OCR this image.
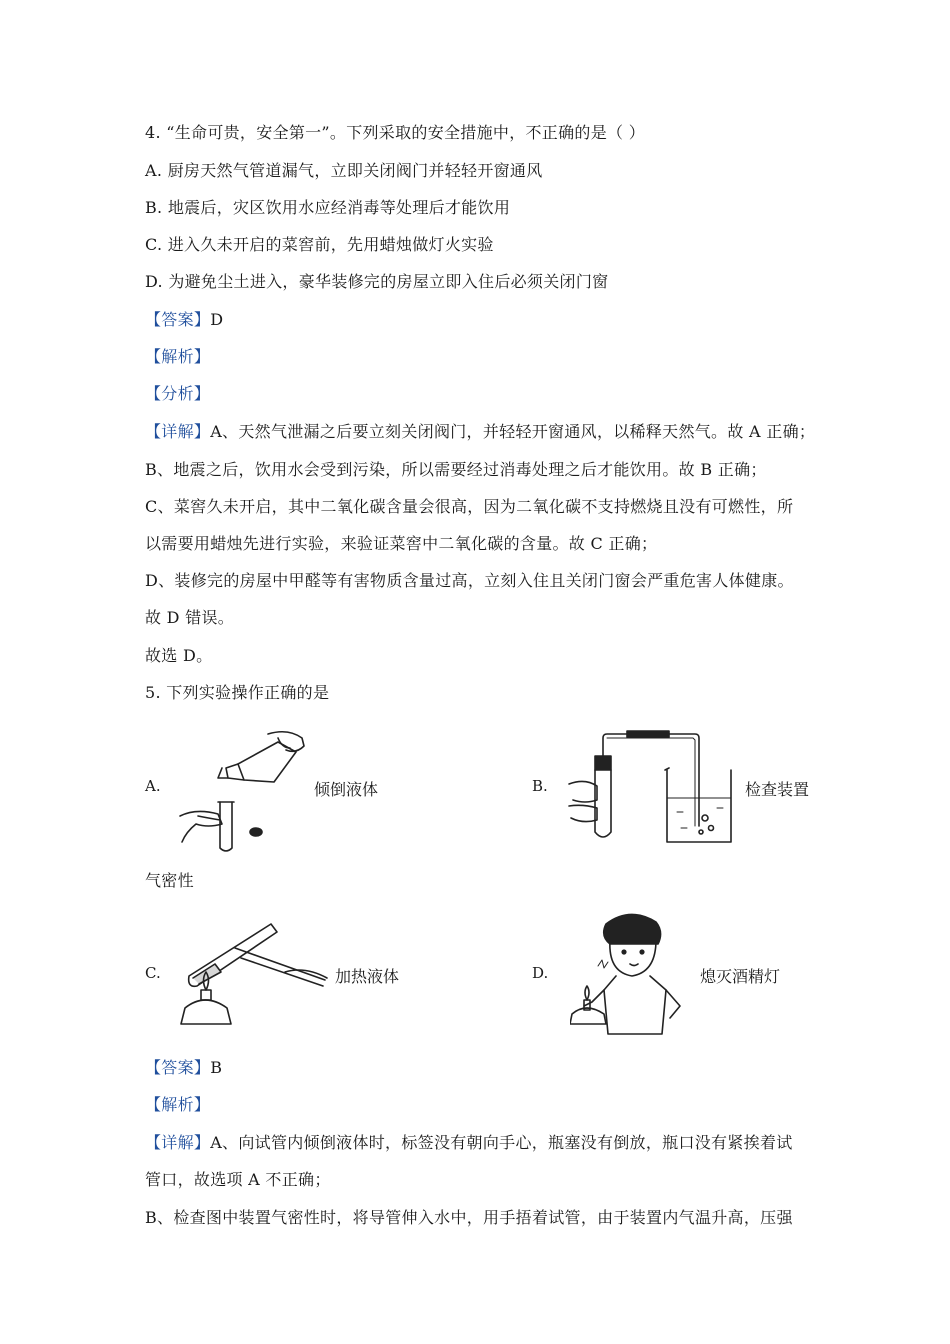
4. “生命可贵，安全第一”。下列采取的安全措施中，不正确的是（ ）
A. 厨房天然气管道漏气，立即关闭阀门并轻轻开窗通风
B. 地震后，灾区饮用水应经消毒等处理后才能饮用
C. 进入久未开启的菜窖前，先用蜡烛做灯火实验
D. 为避免尘土进入，豪华装修完的房屋立即入住后必须关闭门窗
【答案】D
【解析】
【分析】
【详解】A、天然气泄漏之后要立刻关闭阀门，并轻轻开窗通风，以稀释天然气。故 A 正确；
B、地震之后，饮用水会受到污染，所以需要经过消毒处理之后才能饮用。故 B 正确；
C、菜窖久未开启，其中二氧化碳含量会很高，因为二氧化碳不支持燃烧且没有可燃性，所
以需要用蜡烛先进行实验，来验证菜窖中二氧化碳的含量。故 C 正确；
D、装修完的房屋中甲醛等有害物质含量过高，立刻入住且关闭门窗会严重危害人体健康。
故 D 错误。
故选 D。
5. 下列实验操作正确的是
A.	倾倒液体	B.	检查装置
气密性
C.	加热液体	D.	熄灭酒精灯
【答案】B
【解析】
【详解】A、向试管内倾倒液体时，标签没有朝向手心，瓶塞没有倒放，瓶口没有紧挨着试
管口，故选项 A 不正确；
B、检查图中装置气密性时，将导管伸入水中，用手捂着试管，由于装置内气温升高，压强
